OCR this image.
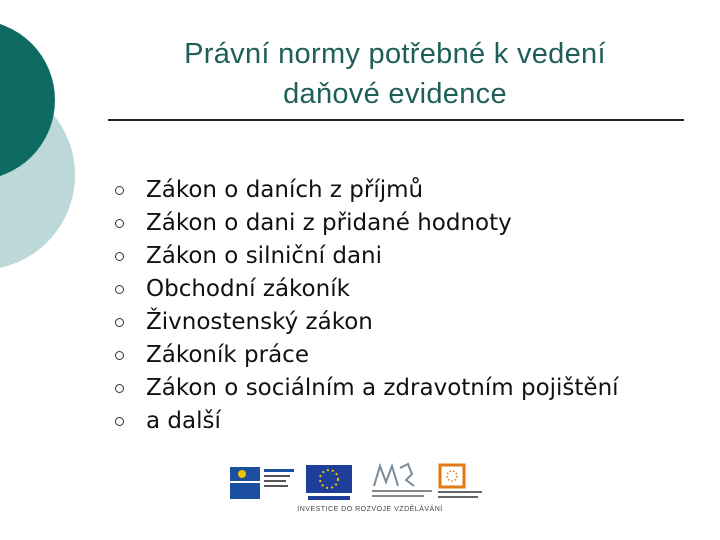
Právní normy potřebné k vedení
daňové evidence
Zákon o daních z příjmů
Zákon o dani z přidané hodnoty
Zákon o silniční dani
Obchodní zákoník
Živnostenský zákon
Zákoník práce
Zákon o sociálním a zdravotním pojištění
a další
INVESTICE DO ROZVOJE VZDĚLÁVÁNÍ
